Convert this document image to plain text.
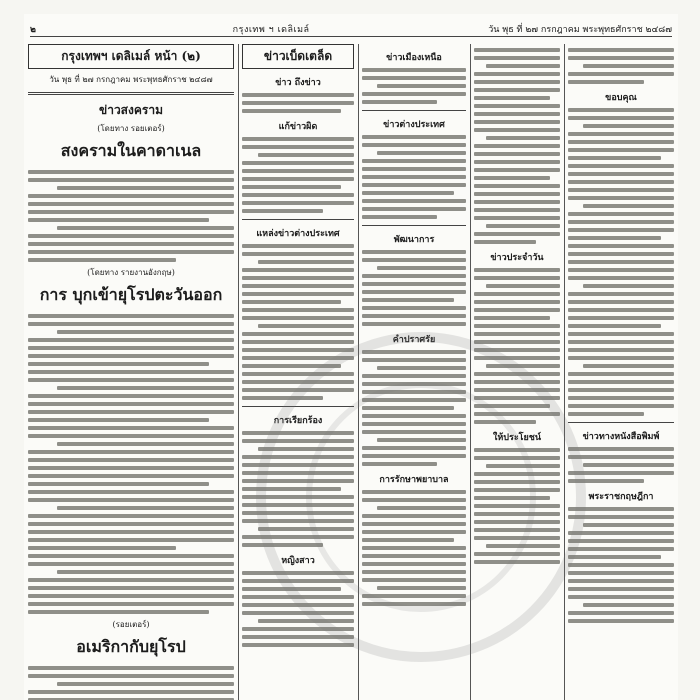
๒	กรุงเทพ ฯ เดลิเมล์	วัน พุธ ที่ ๒๗ กรกฎาคม พระพุทธศักราช ๒๔๘๗
กรุงเทพฯ เดลิเมล์ หน้า (๒)
วัน พุธ ที่ ๒๗ กรกฎาคม พระพุทธศักราช ๒๔๘๗
ข่าวสงคราม
(โดยทาง รอยเตอร์)
สงครามในคาดาเนล
(โดยทาง รายงานอังกฤษ)
การ บุกเข้ายุโรปตะวันออก
(รอยเตอร์)
อเมริกากับยุโรป
ข่าวเบ็ดเตล็ด
ข่าว ถึงข่าว
แก้ข่าวผิด
แหล่งข่าวต่างประเทศ
การเรียกร้อง
หญิงสาว
ข่าวเมืองเหนือ
ข่าวต่างประเทศ
พัฒนาการ
คำปราศรัย
การรักษาพยาบาล
ข่าวประจำวัน
ให้ประโยชน์
ขอบคุณ
ข่าวทางหนังสือพิมพ์
พระราชกฤษฎีกา
